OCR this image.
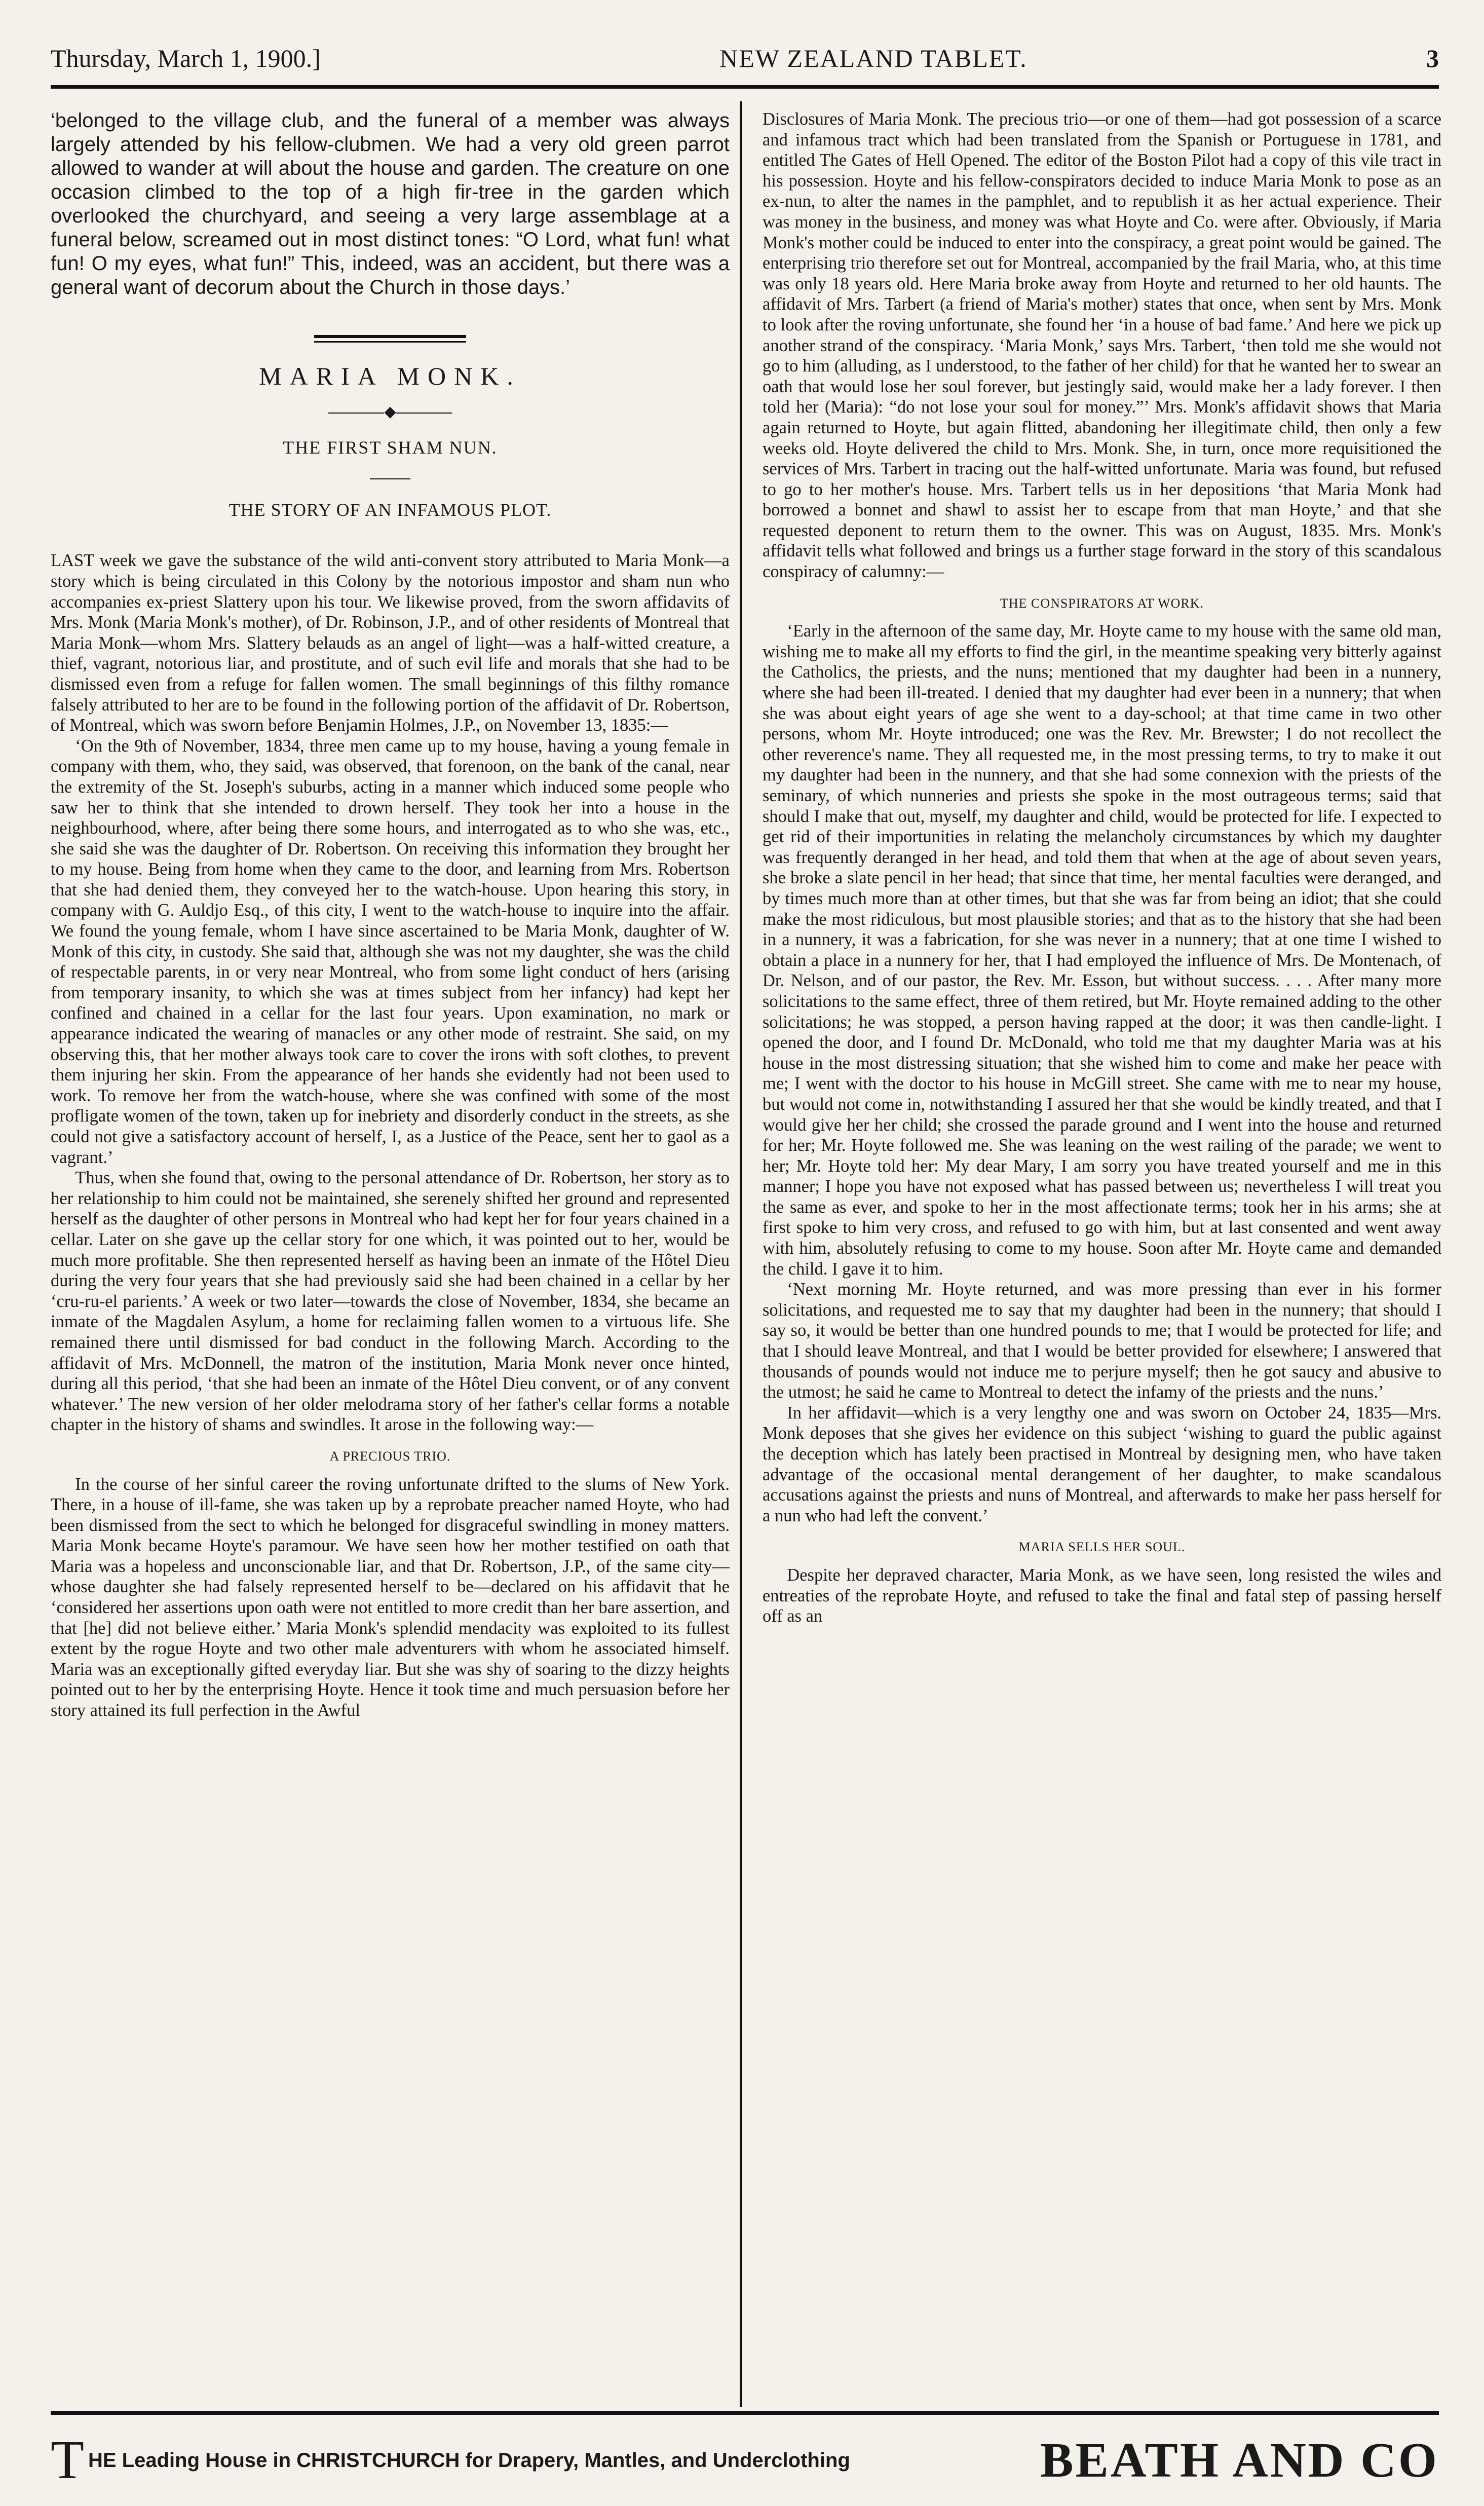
Thursday, March 1, 1900.]	NEW ZEALAND TABLET.	3

‘belonged to the village club, and the funeral of a member was always largely attended by his fellow-clubmen. We had a very old green parrot allowed to wander at will about the house and garden. The creature on one occasion climbed to the top of a high fir-tree in the garden which overlooked the churchyard, and seeing a very large assemblage at a funeral below, screamed out in most distinct tones: “O Lord, what fun! what fun! O my eyes, what fun!” This, indeed, was an accident, but there was a general want of decorum about the Church in those days.’

MARIA MONK.
◆
THE FIRST SHAM NUN.
THE STORY OF AN INFAMOUS PLOT.

LAST week we gave the substance of the wild anti-convent story attributed to Maria Monk—a story which is being circulated in this Colony by the notorious impostor and sham nun who accompanies ex-priest Slattery upon his tour. We likewise proved, from the sworn affidavits of Mrs. Monk (Maria Monk's mother), of Dr. Robinson, J.P., and of other residents of Montreal that Maria Monk—whom Mrs. Slattery belauds as an angel of light—was a half-witted creature, a thief, vagrant, notorious liar, and prostitute, and of such evil life and morals that she had to be dismissed even from a refuge for fallen women. The small beginnings of this filthy romance falsely attributed to her are to be found in the following portion of the affidavit of Dr. Robertson, of Montreal, which was sworn before Benjamin Holmes, J.P., on November 13, 1835:—

‘On the 9th of November, 1834, three men came up to my house, having a young female in company with them, who, they said, was observed, that forenoon, on the bank of the canal, near the extremity of the St. Joseph's suburbs, acting in a manner which induced some people who saw her to think that she intended to drown herself. They took her into a house in the neighbourhood, where, after being there some hours, and interrogated as to who she was, etc., she said she was the daughter of Dr. Robertson. On receiving this information they brought her to my house. Being from home when they came to the door, and learning from Mrs. Robertson that she had denied them, they conveyed her to the watch-house. Upon hearing this story, in company with G. Auldjo Esq., of this city, I went to the watch-house to inquire into the affair. We found the young female, whom I have since ascertained to be Maria Monk, daughter of W. Monk of this city, in custody. She said that, although she was not my daughter, she was the child of respectable parents, in or very near Montreal, who from some light conduct of hers (arising from temporary insanity, to which she was at times subject from her infancy) had kept her confined and chained in a cellar for the last four years. Upon examination, no mark or appearance indicated the wearing of manacles or any other mode of restraint. She said, on my observing this, that her mother always took care to cover the irons with soft clothes, to prevent them injuring her skin. From the appearance of her hands she evidently had not been used to work. To remove her from the watch-house, where she was confined with some of the most profligate women of the town, taken up for inebriety and disorderly conduct in the streets, as she could not give a satisfactory account of herself, I, as a Justice of the Peace, sent her to gaol as a vagrant.’

Thus, when she found that, owing to the personal attendance of Dr. Robertson, her story as to her relationship to him could not be maintained, she serenely shifted her ground and represented herself as the daughter of other persons in Montreal who had kept her for four years chained in a cellar. Later on she gave up the cellar story for one which, it was pointed out to her, would be much more profitable. She then represented herself as having been an inmate of the Hôtel Dieu during the very four years that she had previously said she had been chained in a cellar by her ‘cru-ru-el parients.’ A week or two later—towards the close of November, 1834, she became an inmate of the Magdalen Asylum, a home for reclaiming fallen women to a virtuous life. She remained there until dismissed for bad conduct in the following March. According to the affidavit of Mrs. McDonnell, the matron of the institution, Maria Monk never once hinted, during all this period, ‘that she had been an inmate of the Hôtel Dieu convent, or of any convent whatever.’ The new version of her older melodrama story of her father's cellar forms a notable chapter in the history of shams and swindles. It arose in the following way:—

A PRECIOUS TRIO.

In the course of her sinful career the roving unfortunate drifted to the slums of New York. There, in a house of ill-fame, she was taken up by a reprobate preacher named Hoyte, who had been dismissed from the sect to which he belonged for disgraceful swindling in money matters. Maria Monk became Hoyte's paramour. We have seen how her mother testified on oath that Maria was a hopeless and unconscionable liar, and that Dr. Robertson, J.P., of the same city—whose daughter she had falsely represented herself to be—declared on his affidavit that he ‘considered her assertions upon oath were not entitled to more credit than her bare assertion, and that [he] did not believe either.’ Maria Monk's splendid mendacity was exploited to its fullest extent by the rogue Hoyte and two other male adventurers with whom he associated himself. Maria was an exceptionally gifted everyday liar. But she was shy of soaring to the dizzy heights pointed out to her by the enterprising Hoyte. Hence it took time and much persuasion before her story attained its full perfection in the Awful

Disclosures of Maria Monk. The precious trio—or one of them—had got possession of a scarce and infamous tract which had been translated from the Spanish or Portuguese in 1781, and entitled The Gates of Hell Opened. The editor of the Boston Pilot had a copy of this vile tract in his possession. Hoyte and his fellow-conspirators decided to induce Maria Monk to pose as an ex-nun, to alter the names in the pamphlet, and to republish it as her actual experience. Their was money in the business, and money was what Hoyte and Co. were after. Obviously, if Maria Monk's mother could be induced to enter into the conspiracy, a great point would be gained. The enterprising trio therefore set out for Montreal, accompanied by the frail Maria, who, at this time was only 18 years old. Here Maria broke away from Hoyte and returned to her old haunts. The affidavit of Mrs. Tarbert (a friend of Maria's mother) states that once, when sent by Mrs. Monk to look after the roving unfortunate, she found her ‘in a house of bad fame.’ And here we pick up another strand of the conspiracy. ‘Maria Monk,’ says Mrs. Tarbert, ‘then told me she would not go to him (alluding, as I understood, to the father of her child) for that he wanted her to swear an oath that would lose her soul forever, but jestingly said, would make her a lady forever. I then told her (Maria): “do not lose your soul for money.”’ Mrs. Monk's affidavit shows that Maria again returned to Hoyte, but again flitted, abandoning her illegitimate child, then only a few weeks old. Hoyte delivered the child to Mrs. Monk. She, in turn, once more requisitioned the services of Mrs. Tarbert in tracing out the half-witted unfortunate. Maria was found, but refused to go to her mother's house. Mrs. Tarbert tells us in her depositions ‘that Maria Monk had borrowed a bonnet and shawl to assist her to escape from that man Hoyte,’ and that she requested deponent to return them to the owner. This was on August, 1835. Mrs. Monk's affidavit tells what followed and brings us a further stage forward in the story of this scandalous conspiracy of calumny:—

THE CONSPIRATORS AT WORK.

‘Early in the afternoon of the same day, Mr. Hoyte came to my house with the same old man, wishing me to make all my efforts to find the girl, in the meantime speaking very bitterly against the Catholics, the priests, and the nuns; mentioned that my daughter had been in a nunnery, where she had been ill-treated. I denied that my daughter had ever been in a nunnery; that when she was about eight years of age she went to a day-school; at that time came in two other persons, whom Mr. Hoyte introduced; one was the Rev. Mr. Brewster; I do not recollect the other reverence's name. They all requested me, in the most pressing terms, to try to make it out my daughter had been in the nunnery, and that she had some connexion with the priests of the seminary, of which nunneries and priests she spoke in the most outrageous terms; said that should I make that out, myself, my daughter and child, would be protected for life. I expected to get rid of their importunities in relating the melancholy circumstances by which my daughter was frequently deranged in her head, and told them that when at the age of about seven years, she broke a slate pencil in her head; that since that time, her mental faculties were deranged, and by times much more than at other times, but that she was far from being an idiot; that she could make the most ridiculous, but most plausible stories; and that as to the history that she had been in a nunnery, it was a fabrication, for she was never in a nunnery; that at one time I wished to obtain a place in a nunnery for her, that I had employed the influence of Mrs. De Montenach, of Dr. Nelson, and of our pastor, the Rev. Mr. Esson, but without success. . . . After many more solicitations to the same effect, three of them retired, but Mr. Hoyte remained adding to the other solicitations; he was stopped, a person having rapped at the door; it was then candle-light. I opened the door, and I found Dr. McDonald, who told me that my daughter Maria was at his house in the most distressing situation; that she wished him to come and make her peace with me; I went with the doctor to his house in McGill street. She came with me to near my house, but would not come in, notwithstanding I assured her that she would be kindly treated, and that I would give her her child; she crossed the parade ground and I went into the house and returned for her; Mr. Hoyte followed me. She was leaning on the west railing of the parade; we went to her; Mr. Hoyte told her: My dear Mary, I am sorry you have treated yourself and me in this manner; I hope you have not exposed what has passed between us; nevertheless I will treat you the same as ever, and spoke to her in the most affectionate terms; took her in his arms; she at first spoke to him very cross, and refused to go with him, but at last consented and went away with him, absolutely refusing to come to my house. Soon after Mr. Hoyte came and demanded the child. I gave it to him.

‘Next morning Mr. Hoyte returned, and was more pressing than ever in his former solicitations, and requested me to say that my daughter had been in the nunnery; that should I say so, it would be better than one hundred pounds to me; that I would be protected for life; and that I should leave Montreal, and that I would be better provided for elsewhere; I answered that thousands of pounds would not induce me to perjure myself; then he got saucy and abusive to the utmost; he said he came to Montreal to detect the infamy of the priests and the nuns.’

In her affidavit—which is a very lengthy one and was sworn on October 24, 1835—Mrs. Monk deposes that she gives her evidence on this subject ‘wishing to guard the public against the deception which has lately been practised in Montreal by designing men, who have taken advantage of the occasional mental derangement of her daughter, to make scandalous accusations against the priests and nuns of Montreal, and afterwards to make her pass herself for a nun who had left the convent.’

MARIA SELLS HER SOUL.

Despite her depraved character, Maria Monk, as we have seen, long resisted the wiles and entreaties of the reprobate Hoyte, and refused to take the final and fatal step of passing herself off as an

T HE Leading House in CHRISTCHURCH for Drapery, Mantles, and Underclothing	BEATH AND CO
